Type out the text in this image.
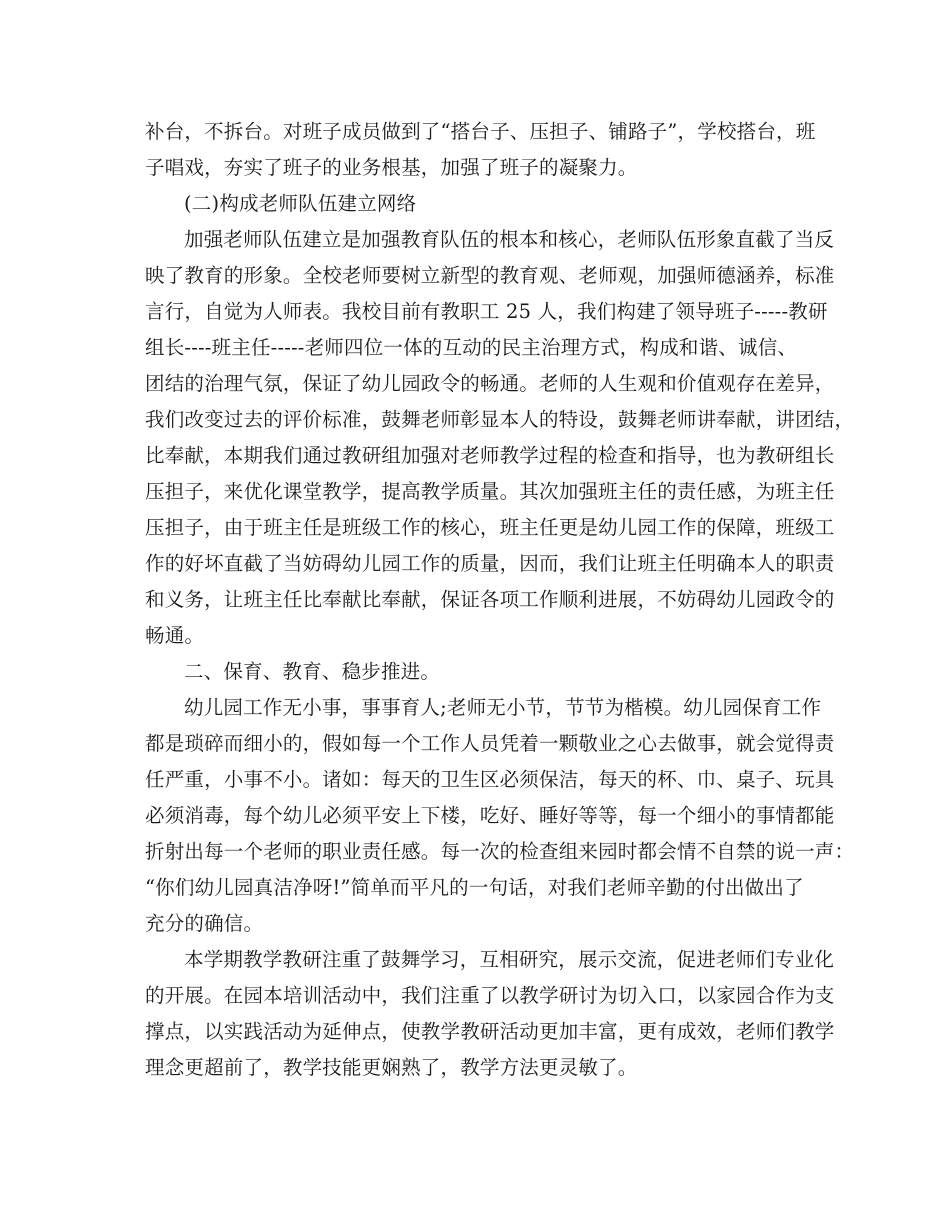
补台，不拆台。对班子成员做到了“搭台子、压担子、铺路子”，学校搭台，班
子唱戏，夯实了班子的业务根基，加强了班子的凝聚力。
(二)构成老师队伍建立网络
加强老师队伍建立是加强教育队伍的根本和核心，老师队伍形象直截了当反
映了教育的形象。全校老师要树立新型的教育观、老师观，加强师德涵养，标准
言行，自觉为人师表。我校目前有教职工 25 人，我们构建了领导班子-----教研
组长----班主任-----老师四位一体的互动的民主治理方式，构成和谐、诚信、
团结的治理气氛，保证了幼儿园政令的畅通。老师的人生观和价值观存在差异，
我们改变过去的评价标准，鼓舞老师彰显本人的特设，鼓舞老师讲奉献，讲团结，
比奉献，本期我们通过教研组加强对老师教学过程的检查和指导，也为教研组长
压担子，来优化课堂教学，提高教学质量。其次加强班主任的责任感，为班主任
压担子，由于班主任是班级工作的核心，班主任更是幼儿园工作的保障，班级工
作的好坏直截了当妨碍幼儿园工作的质量，因而，我们让班主任明确本人的职责
和义务，让班主任比奉献比奉献，保证各项工作顺利进展，不妨碍幼儿园政令的
畅通。
二、保育、教育、稳步推进。
幼儿园工作无小事，事事育人;老师无小节，节节为楷模。幼儿园保育工作
都是琐碎而细小的，假如每一个工作人员凭着一颗敬业之心去做事，就会觉得责
任严重，小事不小。诸如：每天的卫生区必须保洁，每天的杯、巾、桌子、玩具
必须消毒，每个幼儿必须平安上下楼，吃好、睡好等等，每一个细小的事情都能
折射出每一个老师的职业责任感。每一次的检查组来园时都会情不自禁的说一声：
“你们幼儿园真洁净呀!”简单而平凡的一句话，对我们老师辛勤的付出做出了
充分的确信。
本学期教学教研注重了鼓舞学习，互相研究，展示交流，促进老师们专业化
的开展。在园本培训活动中，我们注重了以教学研讨为切入口，以家园合作为支
撑点，以实践活动为延伸点，使教学教研活动更加丰富，更有成效，老师们教学
理念更超前了，教学技能更娴熟了，教学方法更灵敏了。
